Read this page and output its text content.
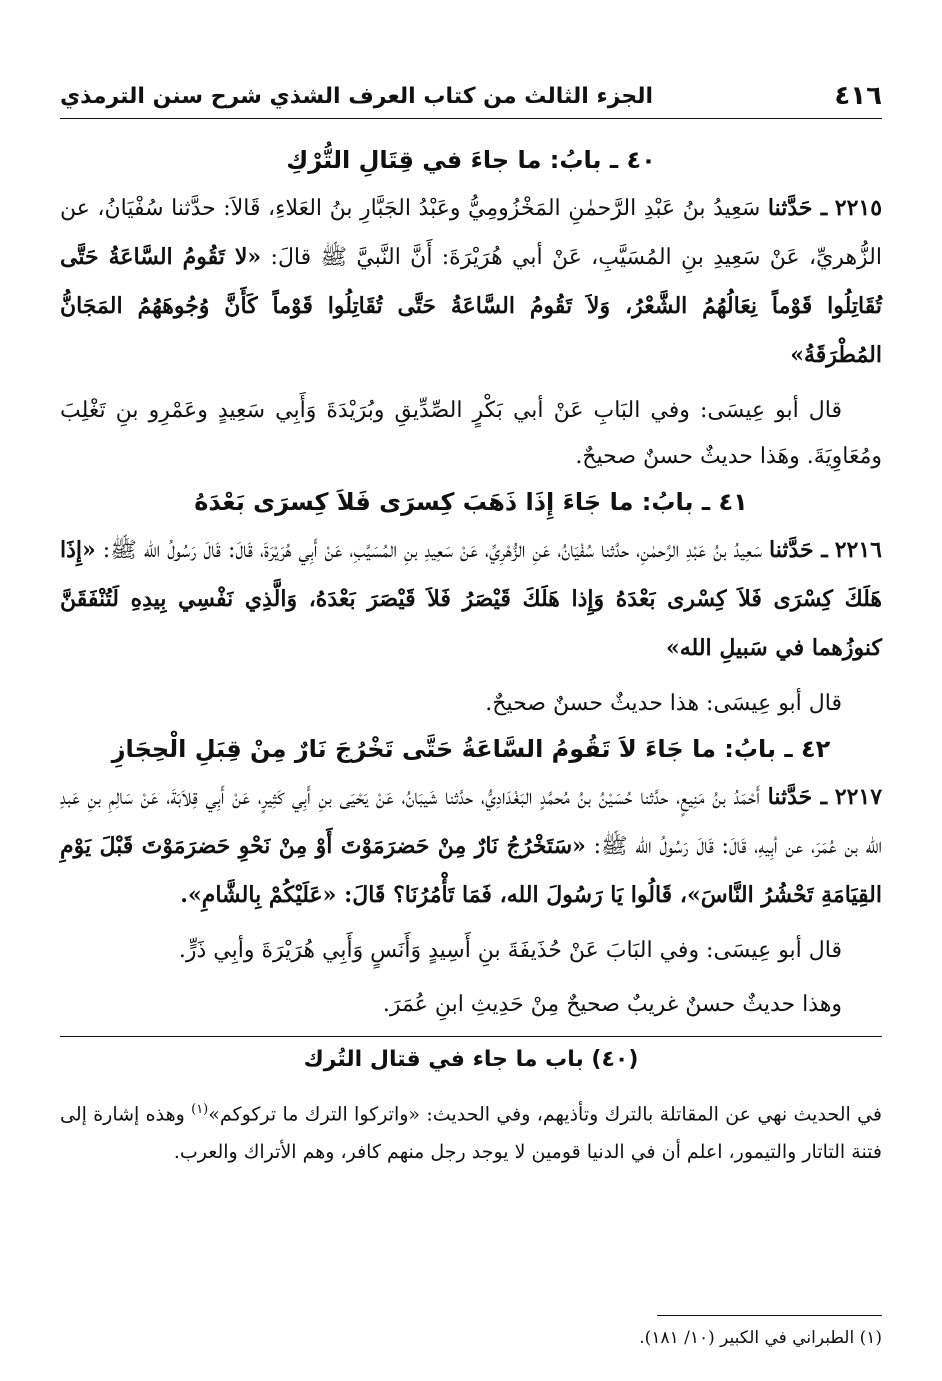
٤١٦
الجزء الثالث من كتاب العرف الشذي شرح سنن الترمذي
٤٠ ـ بابُ: ما جاءَ في قِتَالِ التُّرْكِ

٢٢١٥ ـ حَدَّثنا سَعِيدُ بنُ عَبْدِ الرَّحمٰنِ المَخْزُومِيُّ وعَبْدُ الجَبَّارِ بنُ العَلاءِ، قَالاَ: حدَّثنا سُفْيَانُ، عن الزُّهريِّ، عَنْ سَعِيدِ بنِ المُسَيَّبِ، عَنْ أبي هُرَيْرَةَ: أَنَّ النَّبيَّ ﷺ قالَ: «لا تَقُومُ السَّاعَةُ حَتَّى تُقَاتِلُوا قَوْماً نِعَالُهُمُ الشَّعْرُ، وَلاَ تَقُومُ السَّاعَةُ حَتَّى تُقَاتِلُوا قَوْماً كَأَنَّ وُجُوهَهُمُ المَجَانُّ المُطْرَقَةُ»

قال أبو عِيسَى: وفي البَابِ عَنْ أبي بَكْرٍ الصِّدِّيقِ وبُرَيْدَةَ وَأَبِي سَعِيدٍ وعَمْرِو بنِ تَغْلِبَ ومُعَاوِيَةَ. وهَذا حديثٌ حسنٌ صحيحٌ.

٤١ ـ بابُ: ما جَاءَ إِذَا ذَهَبَ كِسرَى فَلاَ كِسرَى بَعْدَهُ

٢٢١٦ ـ حَدَّثنا سَعِيدُ بنُ عَبْدِ الرَّحمٰنِ، حدَّثنا سُفْيَانُ، عَنِ الزُّهْرِيِّ، عَنْ سَعِيدِ بنِ المُسَيَّبِ، عَنْ أَبِي هُرَيْرَةَ، قَالَ: قَالَ رَسُولُ الله ﷺ: «إِذَا هَلَكَ كِسْرَى فَلاَ كِسْرى بَعْدَهُ وَإِذا هَلَكَ قَيْصَرُ فَلاَ قَيْصَرَ بَعْدَهُ، وَالَّذِي نَفْسِي بِيدِهِ لَتُنْفَقَنَّ كنوزُهما في سَبيلِ الله»

قال أبو عِيسَى: هذا حديثٌ حسنٌ صحيحٌ.

٤٢ ـ بابُ: ما جَاءَ لاَ تَقُومُ السَّاعَةُ حَتَّى تَخْرُجَ نَارٌ مِنْ قِبَلِ الْحِجَازِ

٢٢١٧ ـ حَدَّثنا أَحْمَدُ بنُ مَنِيعٍ، حدَّثنا حُسَيْنُ بنُ مُحمَّدٍ البَغْدَادِيُّ، حدَّثنا شَيبَانُ، عَنْ يَحْيَى بنِ أَبِي كَثِيرٍ، عَنْ أَبِي قِلاَبَةَ، عَنْ سَالِمِ بنِ عَبدِ الله بن عُمَرَ، عن أبِيهِ، قَالَ: قَالَ رَسُولُ الله ﷺ: «سَتَخْرُجُ نَارٌ مِنْ حَضرَمَوْتَ أَوْ مِنْ نَحْوِ حَضرَمَوْتَ قَبْلَ يَوْمِ القِيَامَةِ تَحْشُرُ النَّاسَ»، قَالُوا يَا رَسُولَ الله، فَمَا تَأْمُرُنَا؟ قَالَ: «عَلَيْكُمْ بِالشَّامِ».

قال أبو عِيسَى: وفي البَابَ عَنْ حُذَيفَةَ بنِ أَسِيدٍ وَأَنَسٍ وَأَبِي هُرَيْرَةَ وأبِي ذَرٍّ.

وهذا حديثٌ حسنٌ غريبٌ صحيحٌ مِنْ حَدِيثِ ابنِ عُمَرَ.

(٤٠) باب ما جاء في قتال التُرك

في الحديث نهي عن المقاتلة بالترك وتأذيهم، وفي الحديث: «واتركوا الترك ما تركوكم»$^{(١)}$ وهذه إشارة إلى فتنة التاتار والتيمور، اعلم أن في الدنيا قومين لا يوجد رجل منهم كافر، وهم الأتراك والعرب.

(١) الطبراني في الكبير (١٠/ ١٨١).
